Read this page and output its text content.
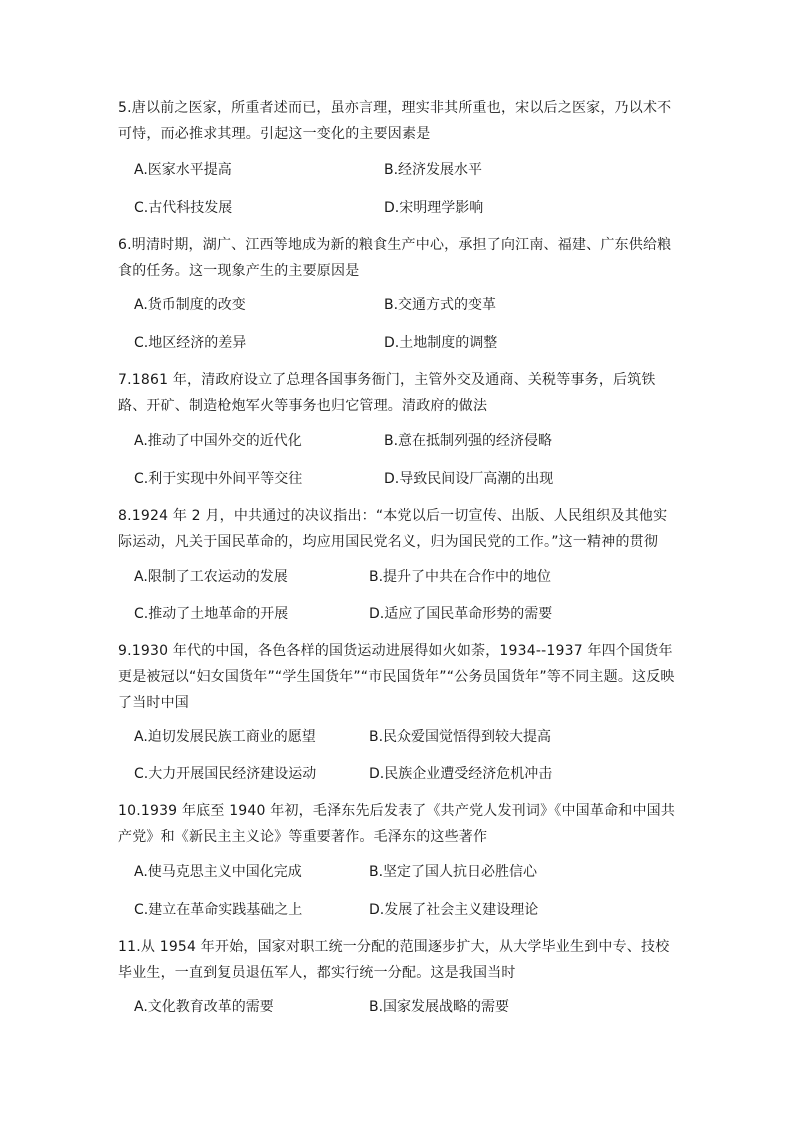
5.唐以前之医家，所重者述而已，虽亦言理，理实非其所重也，宋以后之医家，乃以术不可恃，而必推求其理。引起这一变化的主要因素是

A.医家水平提高	B.经济发展水平

C.古代科技发展	D.宋明理学影响

6.明清时期，湖广、江西等地成为新的粮食生产中心，承担了向江南、福建、广东供给粮食的任务。这一现象产生的主要原因是

A.货币制度的改变	B.交通方式的变革

C.地区经济的差异	D.土地制度的调整

7.1861 年，清政府设立了总理各国事务衙门，主管外交及通商、关税等事务，后筑铁路、开矿、制造枪炮军火等事务也归它管理。清政府的做法

A.推动了中国外交的近代化	B.意在抵制列强的经济侵略

C.利于实现中外间平等交往	D.导致民间设厂高潮的出现

8.1924 年 2 月，中共通过的决议指出：“本党以后一切宣传、出版、人民组织及其他实际运动，凡关于国民革命的，均应用国民党名义，归为国民党的工作。”这一精神的贯彻

A.限制了工农运动的发展	B.提升了中共在合作中的地位

C.推动了土地革命的开展	D.适应了国民革命形势的需要

9.1930 年代的中国，各色各样的国货运动进展得如火如荼，1934--1937 年四个国货年更是被冠以“妇女国货年”“学生国货年”“市民国货年”“公务员国货年”等不同主题。这反映了当时中国

A.迫切发展民族工商业的愿望	B.民众爱国觉悟得到较大提高

C.大力开展国民经济建设运动	D.民族企业遭受经济危机冲击

10.1939 年底至 1940 年初，毛泽东先后发表了《共产党人发刊词》《中国革命和中国共产党》和《新民主主义论》等重要著作。毛泽东的这些著作

A.使马克思主义中国化完成	B.坚定了国人抗日必胜信心

C.建立在革命实践基础之上	D.发展了社会主义建设理论

11.从 1954 年开始，国家对职工统一分配的范围逐步扩大，从大学毕业生到中专、技校毕业生，一直到复员退伍军人，都实行统一分配。这是我国当时

A.文化教育改革的需要	B.国家发展战略的需要
